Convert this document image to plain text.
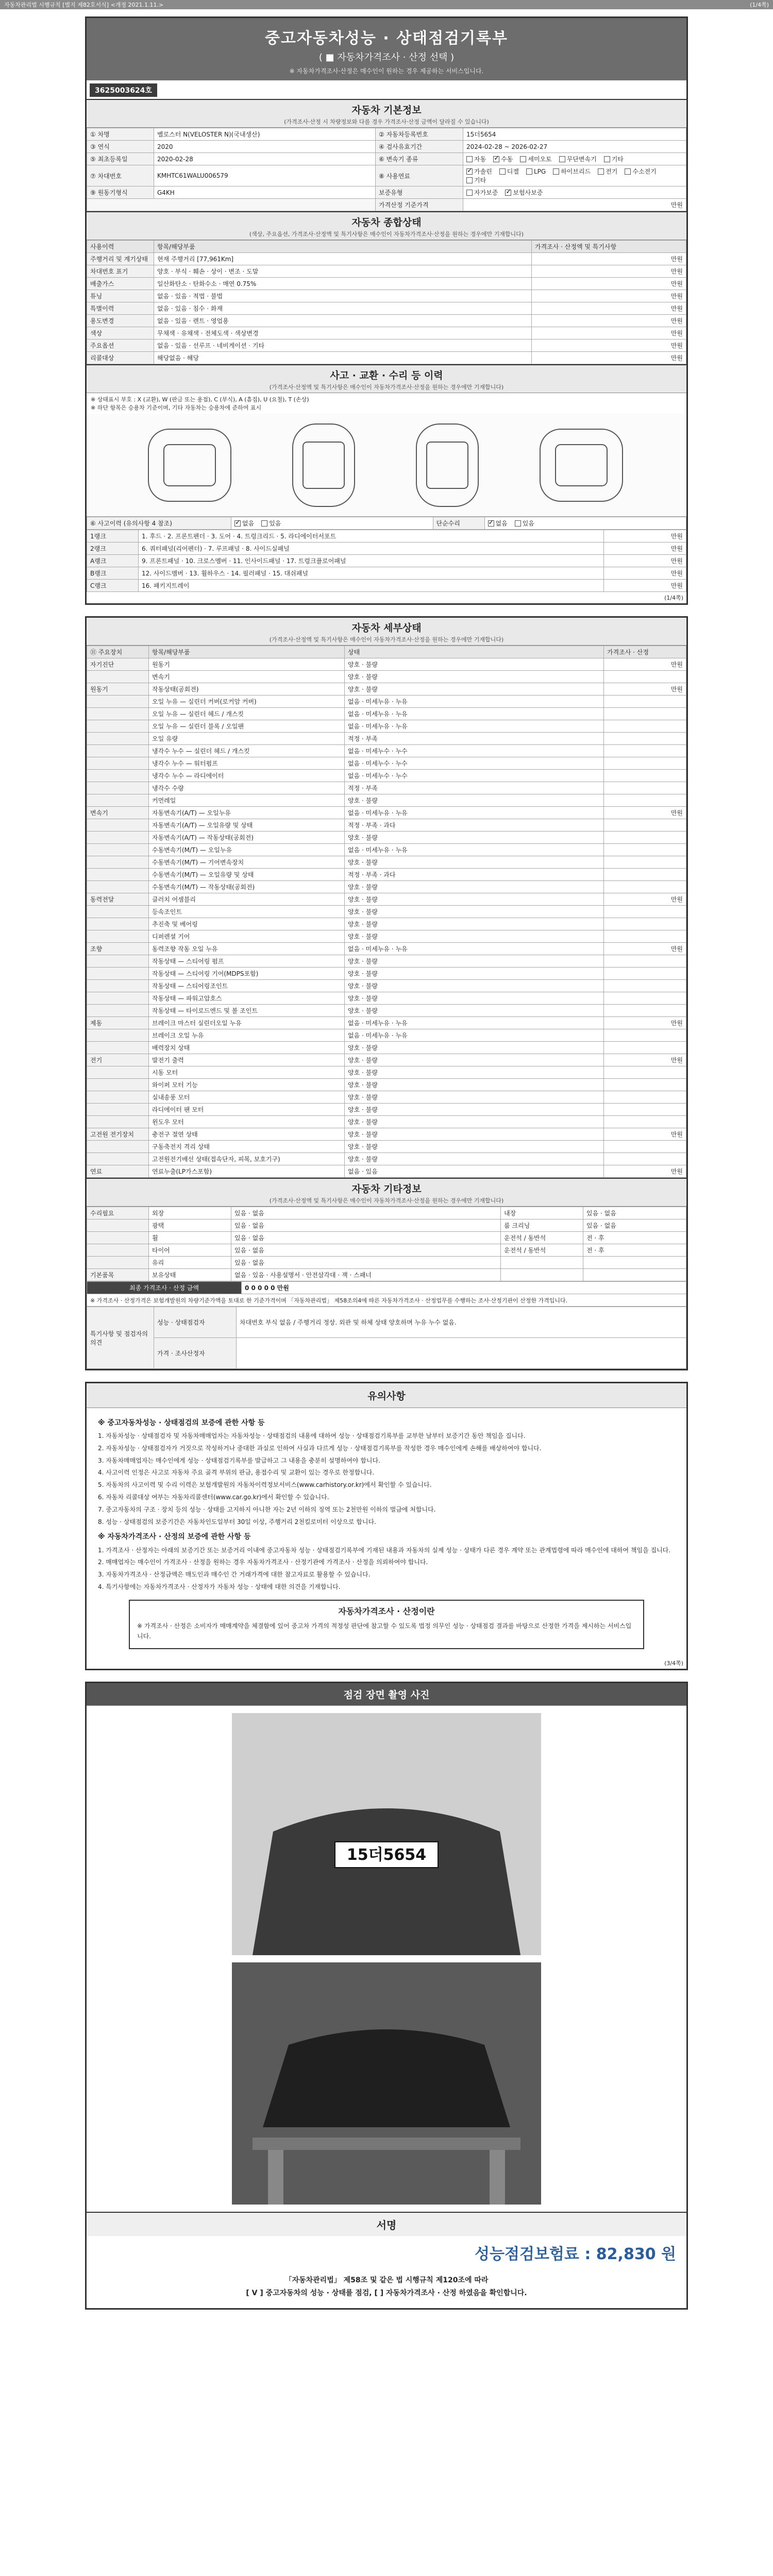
자동차관리법 시행규칙 [별지 제82호서식] <개정 2021.1.11.>	(1/4쪽)
중고자동차성능 · 상태점검기록부
( ■ 자동차가격조사 · 산정 선택 )
※ 자동차가격조사·산정은 매수인이 원하는 경우 제공하는 서비스입니다.
3625003624호
자동차 기본정보
(가격조사·산정 시 차량정보와 다를 경우 가격조사·산정 금액이 달라질 수 있습니다)
① 차명	벨로스터 N(VELOSTER N)(국내생산)	② 자동차등록번호	15더5654
③ 연식	2020	④ 검사유효기간	2024-02-28 ~ 2026-02-27
⑤ 최초등록일	2020-02-28	⑥ 변속기 종류	자동 ✓ 수동 세미오토 무단변속기 기타
⑦ 차대번호	KMHTC61WALU006579	⑧ 사용연료	✓가솔린 디젤 LPG 하이브리드 전기 수소전기기타
⑨ 원동기형식	G4KH	보증유형	자가보증 ✓ 보험사보증
		가격산정 기준가격	만원
자동차 종합상태
(색상, 주요옵션, 가격조사·산정액 및 특기사항은 매수인이 자동차가격조사·산정을 원하는 경우에만 기재합니다)
사용이력	항목/해당부품	가격조사 · 산정액 및 특기사항
주행거리 및 계기상태	현재 주행거리 [77,961Km]	만원
차대번호 표기	양호 · 부식 · 훼손 · 상이 · 변조 · 도말	만원
배출가스	일산화탄소 · 탄화수소 · 매연 0.75%	만원
튜닝	없음 · 있음 · 적법 · 불법	만원
특별이력	없음 · 있음 · 침수 · 화재	만원
용도변경	없음 · 있음 · 렌트 · 영업용	만원
색상	무채색 · 유채색 · 전체도색 · 색상변경	만원
주요옵션	없음 · 있음 · 선루프 · 네비게이션 · 기타	만원
리콜대상	해당없음 · 해당	만원
사고 · 교환 · 수리 등 이력
(가격조사·산정액 및 특기사항은 매수인이 자동차가격조사·산정을 원하는 경우에만 기재합니다)
※ 상태표시 부호 : X (교환), W (판금 또는 용접), C (부식), A (흠집), U (요철), T (손상)
※ 하단 항목은 승용차 기준이며, 기타 자동차는 승용차에 준하여 표시
⑥ 사고이력 (유의사항 4 참조)	✓없음 있음	단순수리	✓없음 있음
1랭크	1. 후드 · 2. 프론트펜더 · 3. 도어 · 4. 트렁크리드 · 5. 라디에이터서포트	만원
2랭크	6. 쿼터패널(리어펜더) · 7. 루프패널 · 8. 사이드실패널	만원
A랭크	9. 프론트패널 · 10. 크로스멤버 · 11. 인사이드패널 · 17. 트렁크플로어패널	만원
B랭크	12. 사이드멤버 · 13. 휠하우스 · 14. 필러패널 · 15. 대쉬패널	만원
C랭크	16. 패키지트레이	만원
(1/4쪽)
자동차 세부상태
(가격조사·산정액 및 특기사항은 매수인이 자동차가격조사·산정을 원하는 경우에만 기재합니다)
⑪ 주요장치	항목/해당부품	상태	가격조사 · 산정
자기진단	원동기	양호 · 불량	만원
	변속기	양호 · 불량	
원동기	작동상태(공회전)	양호 · 불량	만원
	오일 누유 — 실린더 커버(로커암 커버)	없음 · 미세누유 · 누유	
	오일 누유 — 실린더 헤드 / 개스킷	없음 · 미세누유 · 누유	
	오일 누유 — 실린더 블록 / 오일팬	없음 · 미세누유 · 누유	
	오일 유량	적정 · 부족	
	냉각수 누수 — 실린더 헤드 / 개스킷	없음 · 미세누수 · 누수	
	냉각수 누수 — 워터펌프	없음 · 미세누수 · 누수	
	냉각수 누수 — 라디에이터	없음 · 미세누수 · 누수	
	냉각수 수량	적정 · 부족	
	커먼레일	양호 · 불량	
변속기	자동변속기(A/T) — 오일누유	없음 · 미세누유 · 누유	만원
	자동변속기(A/T) — 오일유량 및 상태	적정 · 부족 · 과다	
	자동변속기(A/T) — 작동상태(공회전)	양호 · 불량	
	수동변속기(M/T) — 오일누유	없음 · 미세누유 · 누유	
	수동변속기(M/T) — 기어변속장치	양호 · 불량	
	수동변속기(M/T) — 오일유량 및 상태	적정 · 부족 · 과다	
	수동변속기(M/T) — 작동상태(공회전)	양호 · 불량	
동력전달	클러치 어셈블리	양호 · 불량	만원
	등속조인트	양호 · 불량	
	추진축 및 베어링	양호 · 불량	
	디퍼렌셜 기어	양호 · 불량	
조향	동력조향 작동 오일 누유	없음 · 미세누유 · 누유	만원
	작동상태 — 스티어링 펌프	양호 · 불량	
	작동상태 — 스티어링 기어(MDPS포함)	양호 · 불량	
	작동상태 — 스티어링조인트	양호 · 불량	
	작동상태 — 파워고압호스	양호 · 불량	
	작동상태 — 타이로드엔드 및 볼 조인트	양호 · 불량	
제동	브레이크 마스터 실린더오일 누유	없음 · 미세누유 · 누유	만원
	브레이크 오일 누유	없음 · 미세누유 · 누유	
	배력장치 상태	양호 · 불량	
전기	발전기 출력	양호 · 불량	만원
	시동 모터	양호 · 불량	
	와이퍼 모터 기능	양호 · 불량	
	실내송풍 모터	양호 · 불량	
	라디에이터 팬 모터	양호 · 불량	
	윈도우 모터	양호 · 불량	
고전원 전기장치	충전구 절연 상태	양호 · 불량	만원
	구동축전지 격리 상태	양호 · 불량	
	고전원전기배선 상태(접속단자, 피복, 보호기구)	양호 · 불량	
연료	연료누출(LP가스포함)	없음 · 있음	만원
자동차 기타정보
(가격조사·산정액 및 특기사항은 매수인이 자동차가격조사·산정을 원하는 경우에만 기재합니다)
수리필요	외장	있음 · 없음	내장	있음 · 없음
	광택	있음 · 없음	룸 크리닝	있음 · 없음
	휠	있음 · 없음	운전석 / 동반석	전 · 후
	타이어	있음 · 없음	운전석 / 동반석	전 · 후
	유리	있음 · 없음		
기본품목	보유상태	없음 · 있음 · 사용설명서 · 안전삼각대 · 잭 · 스패너		
최종 가격조사 · 산정 금액	0 0 0 0 0 만원
※ 가격조사 · 산정가격은 보험개발원의 차량기준가액을 토대로 한 기준가격이며 「자동차관리법」 제58조의4에 따른 자동차가격조사 · 산정업무를 수행하는 조사·산정기관이 산정한 가격입니다.
특기사항 및 점검자의 의견	성능 · 상태점검자	차대번호 부식 없음 / 주행거리 정상. 외관 및 하체 상태 양호하며 누유 누수 없음.
	가격 · 조사산정자	
유의사항
※ 중고자동차성능 · 상태점검의 보증에 관한 사항 등

1. 자동차성능 · 상태점검자 및 자동차매매업자는 자동차성능 · 상태점검의 내용에 대하여 성능 · 상태점검기록부를 교부한 날부터 보증기간 동안 책임을 집니다.

2. 자동차성능 · 상태점검자가 거짓으로 작성하거나 중대한 과실로 인하여 사실과 다르게 성능 · 상태점검기록부를 작성한 경우 매수인에게 손해를 배상하여야 합니다.

3. 자동차매매업자는 매수인에게 성능 · 상태점검기록부를 발급하고 그 내용을 충분히 설명하여야 합니다.

4. 사고이력 인정은 사고로 자동차 주요 골격 부위의 판금, 용접수리 및 교환이 있는 경우로 한정합니다.

5. 자동차의 사고이력 및 수리 이력은 보험개발원의 자동차이력정보서비스(www.carhistory.or.kr)에서 확인할 수 있습니다.

6. 자동차 리콜대상 여부는 자동차리콜센터(www.car.go.kr)에서 확인할 수 있습니다.

7. 중고자동차의 구조 · 장치 등의 성능 · 상태를 고지하지 아니한 자는 2년 이하의 징역 또는 2천만원 이하의 벌금에 처합니다.

8. 성능 · 상태점검의 보증기간은 자동차인도일부터 30일 이상, 주행거리 2천킬로미터 이상으로 합니다.

※ 자동차가격조사 · 산정의 보증에 관한 사항 등

1. 가격조사 · 산정자는 아래의 보증기간 또는 보증거리 이내에 중고자동차 성능 · 상태점검기록부에 기재된 내용과 자동차의 실제 성능 · 상태가 다른 경우 계약 또는 관계법령에 따라 매수인에 대하여 책임을 집니다.

2. 매매업자는 매수인이 가격조사 · 산정을 원하는 경우 자동차가격조사 · 산정기관에 가격조사 · 산정을 의뢰하여야 합니다.

3. 자동차가격조사 · 산정금액은 매도인과 매수인 간 거래가격에 대한 참고자료로 활용할 수 있습니다.

4. 특기사항에는 자동차가격조사 · 산정자가 자동차 성능 · 상태에 대한 의견을 기재합니다.

자동차가격조사 · 산정이란

※ 가격조사 · 산정은 소비자가 매매계약을 체결함에 있어 중고차 가격의 적정성 판단에 참고할 수 있도록 법정 의무인 성능 · 상태점검 결과를 바탕으로 산정한 가격을 제시하는 서비스입니다.

(3/4쪽)
점검 장면 촬영 사진
15더5654
서명
성능점검보험료 : 82,830 원
「자동차관리법」 제58조 및 같은 법 시행규칙 제120조에 따라
[ V ] 중고자동차의 성능 · 상태를 점검, [ ] 자동차가격조사 · 산정 하였음을 확인합니다.
